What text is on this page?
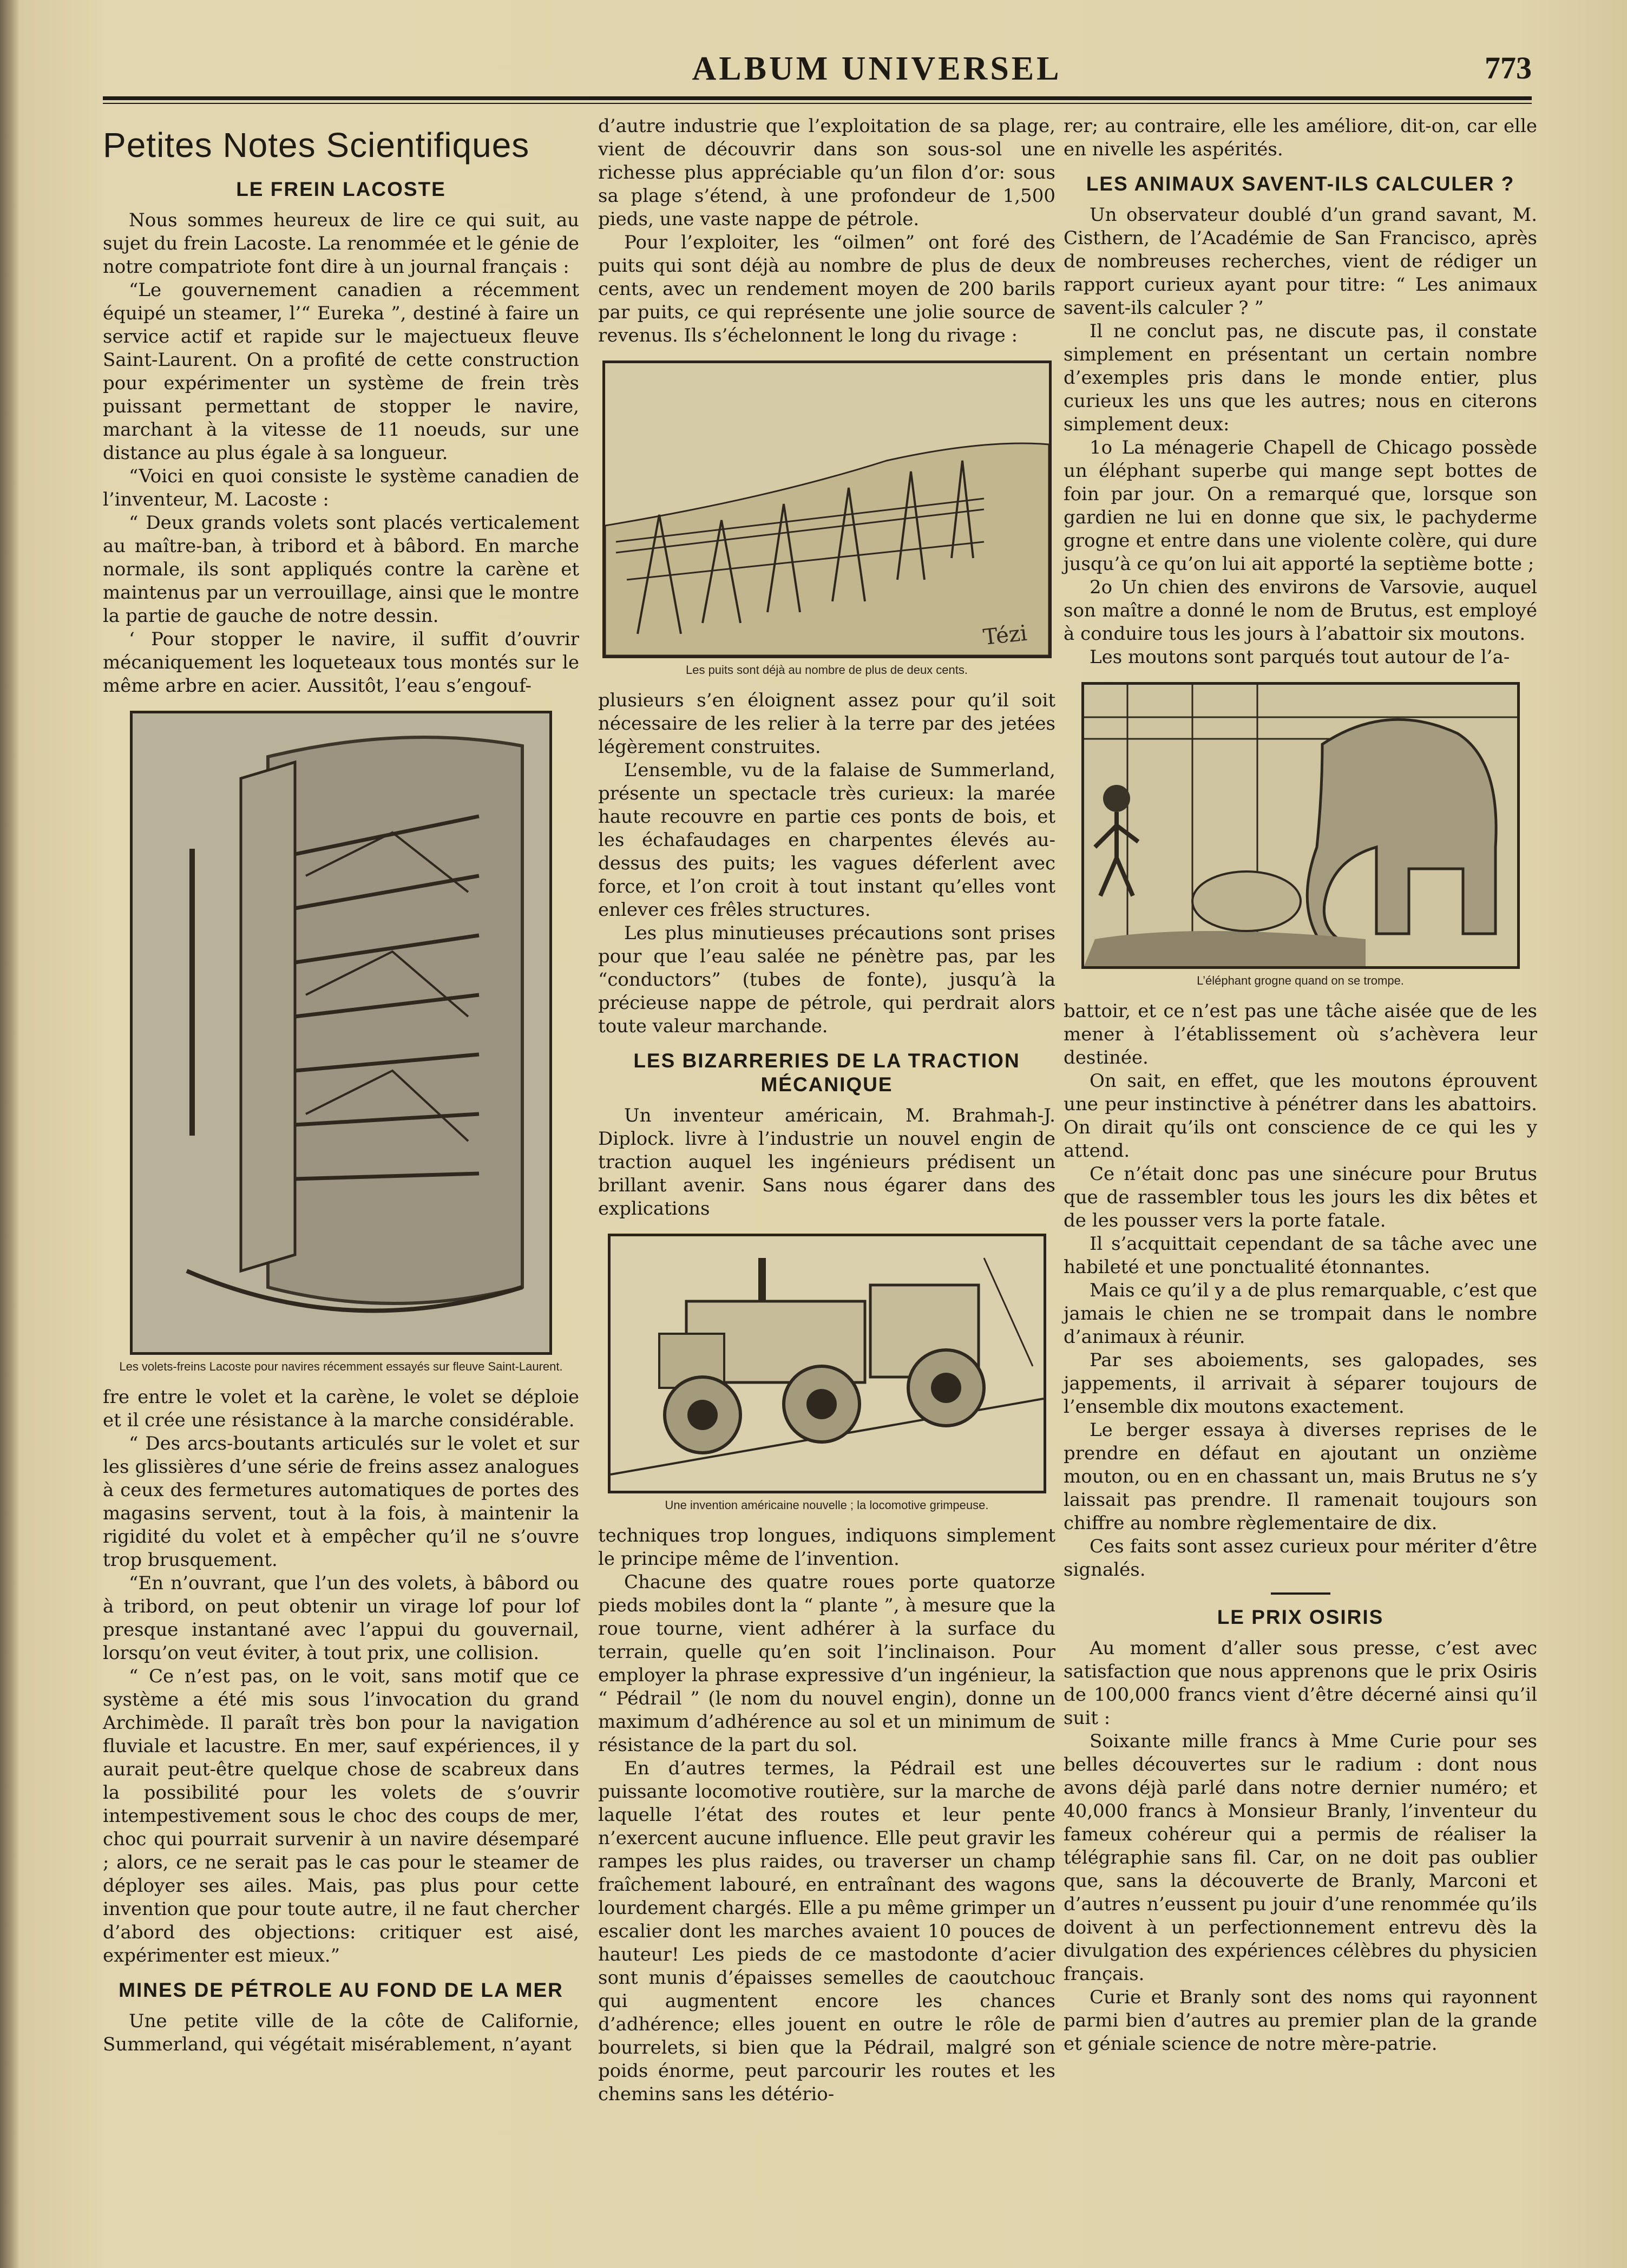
ALBUM UNIVERSEL	773
Petites Notes Scientifiques
LE FREIN LACOSTE

Nous sommes heureux de lire ce qui suit, au sujet du frein Lacoste. La renommée et le génie de notre compatriote font dire à un journal français :

“Le gouvernement canadien a récemment équipé un steamer, l’“ Eureka ”, destiné à faire un service actif et rapide sur le majectueux fleuve Saint-Laurent. On a profité de cette construction pour expérimenter un système de frein très puissant permettant de stopper le navire, marchant à la vitesse de 11 noeuds, sur une distance au plus égale à sa longueur.

“Voici en quoi consiste le système canadien de l’inventeur, M. Lacoste :

“ Deux grands volets sont placés verticalement au maître-ban, à tribord et à bâbord. En marche normale, ils sont appliqués contre la carène et maintenus par un verrouillage, ainsi que le montre la partie de gauche de notre dessin.

‘ Pour stopper le navire, il suffit d’ouvrir mécaniquement les loqueteaux tous montés sur le même arbre en acier. Aussitôt, l’eau s’engouf-

Les volets-freins Lacoste pour navires récemment essayés sur fleuve Saint-Laurent.

fre entre le volet et la carène, le volet se déploie et il crée une résistance à la marche considérable.

“ Des arcs-boutants articulés sur le volet et sur les glissières d’une série de freins assez analogues à ceux des fermetures automatiques de portes des magasins servent, tout à la fois, à maintenir la rigidité du volet et à empêcher qu’il ne s’ouvre trop brusquement.

“En n’ouvrant, que l’un des volets, à bâbord ou à tribord, on peut obtenir un virage lof pour lof presque instantané avec l’appui du gouvernail, lorsqu’on veut éviter, à tout prix, une collision.

“ Ce n’est pas, on le voit, sans motif que ce système a été mis sous l’invocation du grand Archimède. Il paraît très bon pour la navigation fluviale et lacustre. En mer, sauf expériences, il y aurait peut-être quelque chose de scabreux dans la possibilité pour les volets de s’ouvrir intempestivement sous le choc des coups de mer, choc qui pourrait survenir à un navire désemparé ; alors, ce ne serait pas le cas pour le steamer de déployer ses ailes. Mais, pas plus pour cette invention que pour toute autre, il ne faut chercher d’abord des objections: critiquer est aisé, expérimenter est mieux.”

MINES DE PÉTROLE AU FOND DE LA MER

Une petite ville de la côte de Californie, Summerland, qui végétait misérablement, n’ayant

d’autre industrie que l’exploitation de sa plage, vient de découvrir dans son sous-sol une richesse plus appréciable qu’un filon d’or: sous sa plage s’étend, à une profondeur de 1,500 pieds, une vaste nappe de pétrole.

Pour l’exploiter, les “oilmen” ont foré des puits qui sont déjà au nombre de plus de deux cents, avec un rendement moyen de 200 barils par puits, ce qui représente une jolie source de revenus. Ils s’échelonnent le long du rivage :

Tézi
Les puits sont déjà au nombre de plus de deux cents.

plusieurs s’en éloignent assez pour qu’il soit nécessaire de les relier à la terre par des jetées légèrement construites.

L’ensemble, vu de la falaise de Summerland, présente un spectacle très curieux: la marée haute recouvre en partie ces ponts de bois, et les échafaudages en charpentes élevés au-dessus des puits; les vagues déferlent avec force, et l’on croit à tout instant qu’elles vont enlever ces frêles structures.

Les plus minutieuses précautions sont prises pour que l’eau salée ne pénètre pas, par les “conductors” (tubes de fonte), jusqu’à la précieuse nappe de pétrole, qui perdrait alors toute valeur marchande.

LES BIZARRERIES DE LA TRACTION MÉCANIQUE

Un inventeur américain, M. Brahmah-J. Diplock. livre à l’industrie un nouvel engin de traction auquel les ingénieurs prédisent un brillant avenir. Sans nous égarer dans des explications

Une invention américaine nouvelle ; la locomotive grimpeuse.

techniques trop longues, indiquons simplement le principe même de l’invention.

Chacune des quatre roues porte quatorze pieds mobiles dont la “ plante ”, à mesure que la roue tourne, vient adhérer à la surface du terrain, quelle qu’en soit l’inclinaison. Pour employer la phrase expressive d’un ingénieur, la “ Pédrail ” (le nom du nouvel engin), donne un maximum d’adhérence au sol et un minimum de résistance de la part du sol.

En d’autres termes, la Pédrail est une puissante locomotive routière, sur la marche de laquelle l’état des routes et leur pente n’exercent aucune influence. Elle peut gravir les rampes les plus raides, ou traverser un champ fraîchement labouré, en entraînant des wagons lourdement chargés. Elle a pu même grimper un escalier dont les marches avaient 10 pouces de hauteur! Les pieds de ce mastodonte d’acier sont munis d’épaisses semelles de caoutchouc qui augmentent encore les chances d’adhérence; elles jouent en outre le rôle de bourrelets, si bien que la Pédrail, malgré son poids énorme, peut parcourir les routes et les chemins sans les détério-

rer; au contraire, elle les améliore, dit-on, car elle en nivelle les aspérités.

LES ANIMAUX SAVENT-ILS CALCULER ?

Un observateur doublé d’un grand savant, M. Cisthern, de l’Académie de San Francisco, après de nombreuses recherches, vient de rédiger un rapport curieux ayant pour titre: “ Les animaux savent-ils calculer ? ”

Il ne conclut pas, ne discute pas, il constate simplement en présentant un certain nombre d’exemples pris dans le monde entier, plus curieux les uns que les autres; nous en citerons simplement deux:

1o La ménagerie Chapell de Chicago possède un éléphant superbe qui mange sept bottes de foin par jour. On a remarqué que, lorsque son gardien ne lui en donne que six, le pachyderme grogne et entre dans une violente colère, qui dure jusqu’à ce qu’on lui ait apporté la septième botte ;

2o Un chien des environs de Varsovie, auquel son maître a donné le nom de Brutus, est employé à conduire tous les jours à l’abattoir six moutons.

Les moutons sont parqués tout autour de l’a-

L’éléphant grogne quand on se trompe.

battoir, et ce n’est pas une tâche aisée que de les mener à l’établissement où s’achèvera leur destinée.

On sait, en effet, que les moutons éprouvent une peur instinctive à pénétrer dans les abattoirs. On dirait qu’ils ont conscience de ce qui les y attend.

Ce n’était donc pas une sinécure pour Brutus que de rassembler tous les jours les dix bêtes et de les pousser vers la porte fatale.

Il s’acquittait cependant de sa tâche avec une habileté et une ponctualité étonnantes.

Mais ce qu’il y a de plus remarquable, c’est que jamais le chien ne se trompait dans le nombre d’animaux à réunir.

Par ses aboiements, ses galopades, ses jappements, il arrivait à séparer toujours de l’ensemble dix moutons exactement.

Le berger essaya à diverses reprises de le prendre en défaut en ajoutant un onzième mouton, ou en en chassant un, mais Brutus ne s’y laissait pas prendre. Il ramenait toujours son chiffre au nombre règlementaire de dix.

Ces faits sont assez curieux pour mériter d’être signalés.

LE PRIX OSIRIS

Au moment d’aller sous presse, c’est avec satisfaction que nous apprenons que le prix Osiris de 100,000 francs vient d’être décerné ainsi qu’il suit :

Soixante mille francs à Mme Curie pour ses belles découvertes sur le radium : dont nous avons déjà parlé dans notre dernier numéro; et 40,000 francs à Monsieur Branly, l’inventeur du fameux cohéreur qui a permis de réaliser la télégraphie sans fil. Car, on ne doit pas oublier que, sans la découverte de Branly, Marconi et d’autres n’eussent pu jouir d’une renommée qu’ils doivent à un perfectionnement entrevu dès la divulgation des expériences célèbres du physicien français.

Curie et Branly sont des noms qui rayonnent parmi bien d’autres au premier plan de la grande et géniale science de notre mère-patrie.
